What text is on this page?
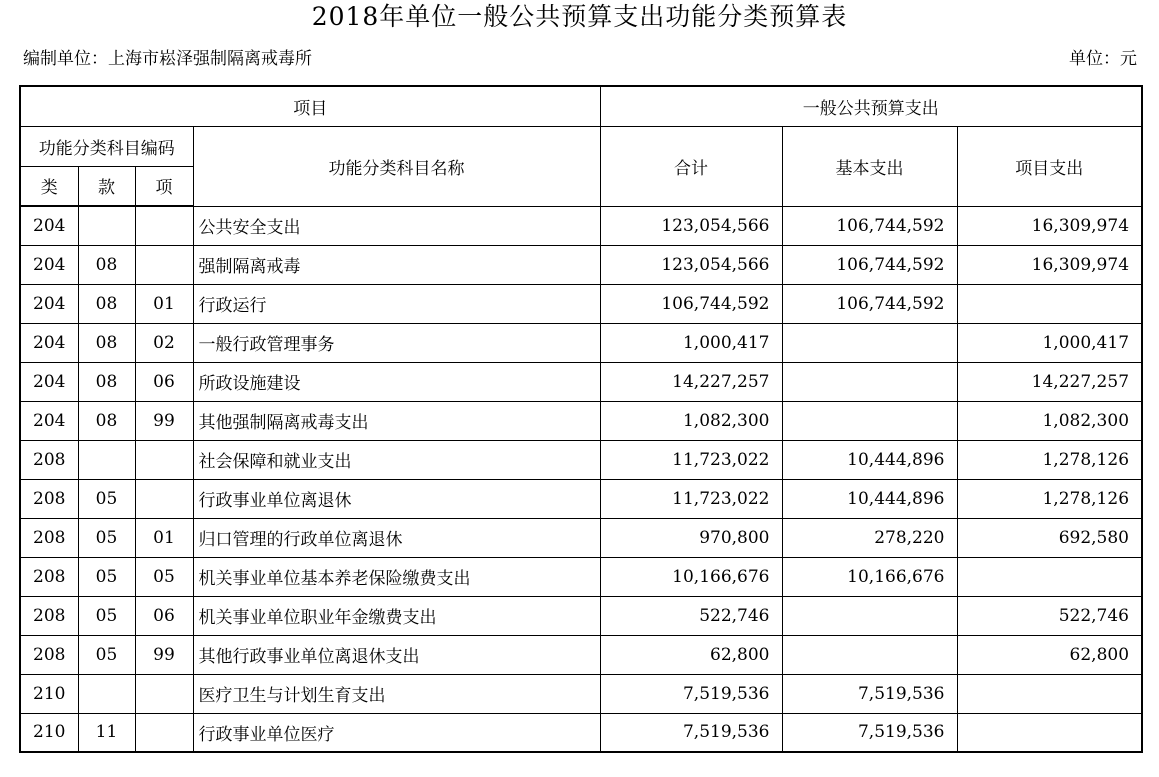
2018年单位一般公共预算支出功能分类预算表
编制单位：上海市崧泽强制隔离戒毒所	单位：元
项目				一般公共预算支出		
功能分类科目编码			功能分类科目名称	合计	基本支出	项目支出
类	款	项				
204			公共安全支出	123,054,566	106,744,592	16,309,974
204	08		强制隔离戒毒	123,054,566	106,744,592	16,309,974
204	08	01	行政运行	106,744,592	106,744,592	
204	08	02	一般行政管理事务	1,000,417		1,000,417
204	08	06	所政设施建设	14,227,257		14,227,257
204	08	99	其他强制隔离戒毒支出	1,082,300		1,082,300
208			社会保障和就业支出	11,723,022	10,444,896	1,278,126
208	05		行政事业单位离退休	11,723,022	10,444,896	1,278,126
208	05	01	归口管理的行政单位离退休	970,800	278,220	692,580
208	05	05	机关事业单位基本养老保险缴费支出	10,166,676	10,166,676	
208	05	06	机关事业单位职业年金缴费支出	522,746		522,746
208	05	99	其他行政事业单位离退休支出	62,800		62,800
210			医疗卫生与计划生育支出	7,519,536	7,519,536	
210	11		行政事业单位医疗	7,519,536	7,519,536	
